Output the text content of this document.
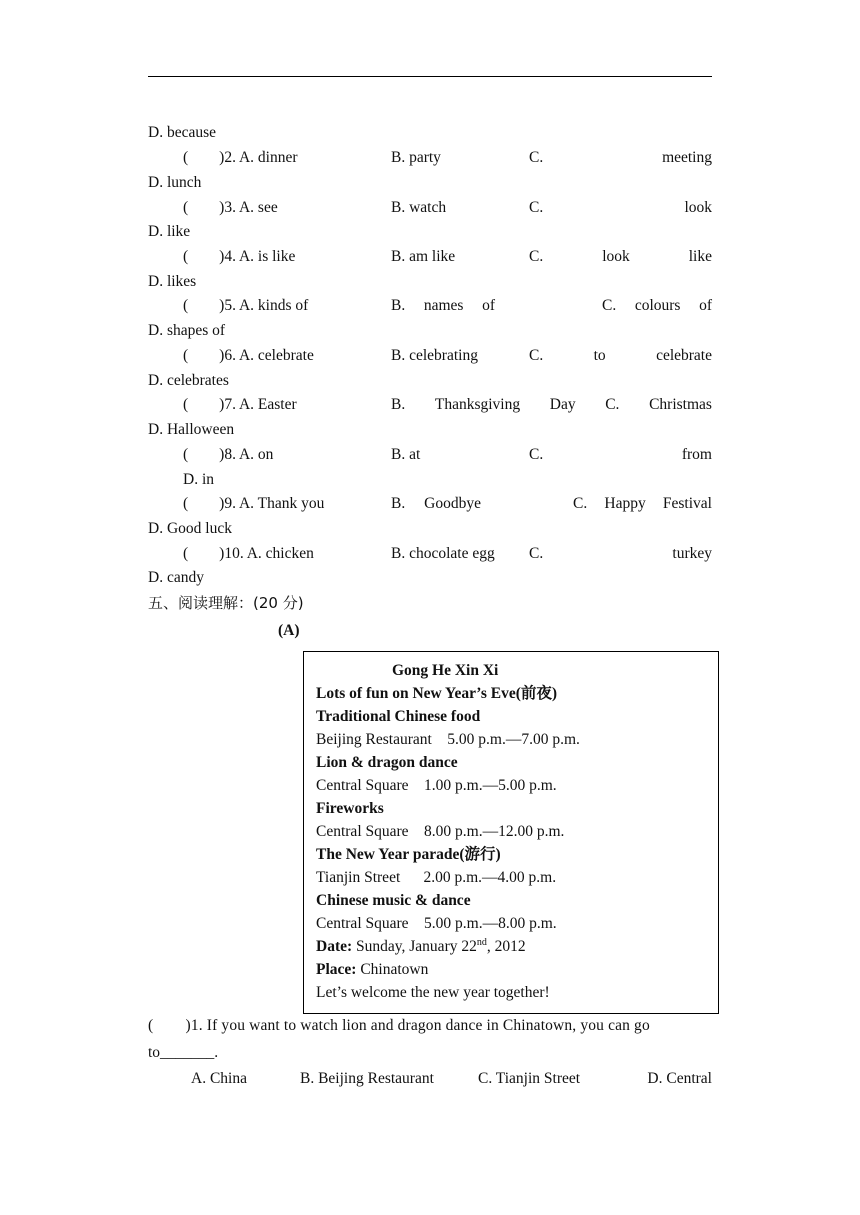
D. because
(        )2. A. dinner	B. party	C.	meeting
D. lunch
(        )3. A. see	B. watch	C.	look
D. like
(        )4. A. is like	B. am like	C.	look	like
D. likes
(        )5. A. kinds of	B. names of	C. colours of
D. shapes of
(        )6. A. celebrate	B. celebrating	C.	to	celebrate
D. celebrates
(        )7. A. Easter	B. Thanksgiving Day C. Christmas
D. Halloween
(        )8. A. on	B. at	C.	from
D. in
(        )9. A. Thank you	B. Goodbye	C. Happy Festival
D. Good luck
(        )10. A. chicken	B. chocolate egg C.	turkey
D. candy
五、阅读理解：(20 分)
(A)
Gong He Xin Xi
Lots of fun on New Year’s Eve(前夜)
Traditional Chinese food
Beijing Restaurant    5.00 p.m.—7.00 p.m.
Lion & dragon dance
Central Square    1.00 p.m.—5.00 p.m.
Fireworks
Central Square    8.00 p.m.—12.00 p.m.
The New Year parade(游行)
Tianjin Street      2.00 p.m.—4.00 p.m.
Chinese music & dance
Central Square    5.00 p.m.—8.00 p.m.
Date: Sunday, January 22nd, 2012
Place: Chinatown
Let’s welcome the new year together!
(        )1. If you want to watch lion and dragon dance in Chinatown, you can go
to_______.
A. China	B. Beijing Restaurant	C. Tianjin Street	D. Central
